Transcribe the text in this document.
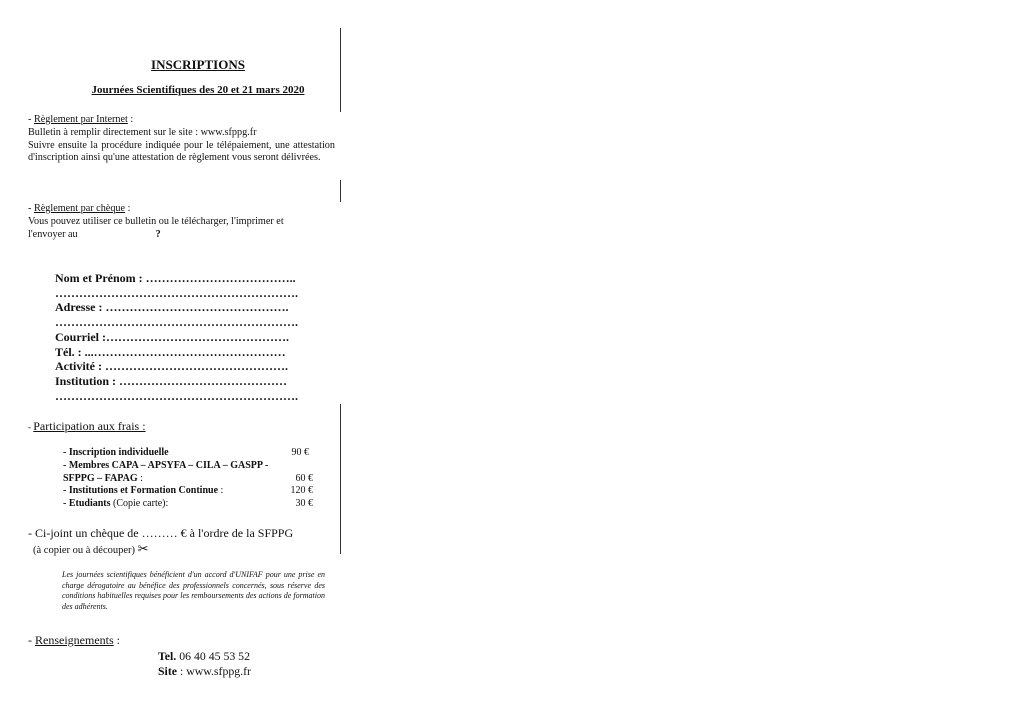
INSCRIPTIONS
Journées Scientifiques des 20 et 21 mars 2020
- Règlement par Internet :
Bulletin à remplir directement sur le site : www.sfppg.fr
Suivre ensuite la procédure indiquée pour le télépaiement, une attestation d'inscription ainsi qu'une attestation de règlement vous seront délivrées.
- Règlement par chèque :
Vous pouvez utiliser ce bulletin ou le télécharger, l'imprimer et
l'envoyer au	?
Nom et Prénom : ………………………………..
…………………………………………………….
Adresse : ……………………………………….
…………………………………………………….
Courriel :……………………………………….
Tél. : ...…………………………………………
Activité : ……………………………………….
Institution : ……………………………………
…………………………………………………….
- Participation aux frais :
- Inscription individuelle	90 €
- Membres CAPA – APSYFA – CILA – GASPP -
SFPPG – FAPAG :	60 €
- Institutions et Formation Continue :	120 €
- Etudiants (Copie carte):	30 €
- Ci-joint un chèque de ……… € à l'ordre de la SFPPG
(à copier ou à découper) ✂
Les journées scientifiques bénéficient d'un accord d'UNIFAF pour une prise en charge dérogatoire au bénéfice des professionnels concernés, sous réserve des conditions habituelles requises pour les remboursements des actions de formation des adhérents.
- Renseignements :
Tel. 06 40 45 53 52
Site : www.sfppg.fr
